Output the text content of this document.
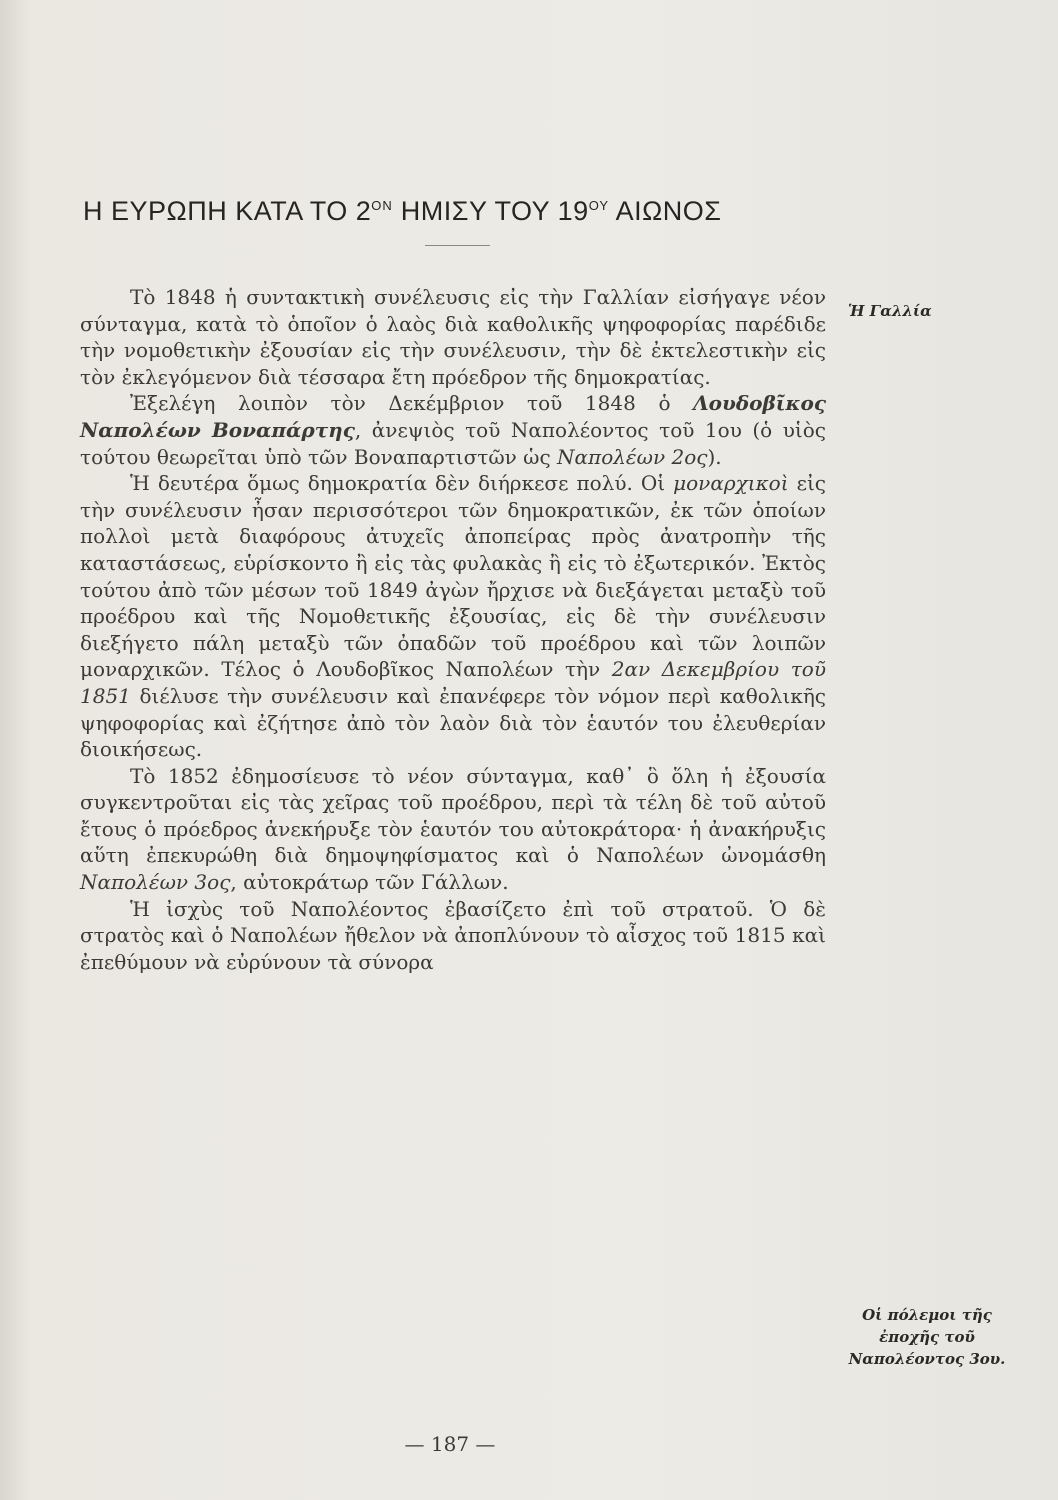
Η ΕΥΡΩΠΗ ΚΑΤΑ ΤΟ $2^{ON}$ ΗΜΙΣΥ ΤΟΥ $19^{O\Upsilon}$ ΑΙΩΝΟΣ
Ἡ Γαλλία
Οἱ πόλεμοι τῆς ἐποχῆς τοῦ Ναπολέοντος 3ου.

Τὸ 1848 ἡ συντακτικὴ συνέλευσις εἰς τὴν Γαλλίαν εἰσήγαγε νέον σύνταγμα, κατὰ τὸ ὁποῖον ὁ λαὸς διὰ καθολικῆς ψηφοφορίας παρέδιδε τὴν νομοθετικὴν ἐξουσίαν εἰς τὴν συνέλευσιν, τὴν δὲ ἐκτελεστικὴν εἰς τὸν ἐκλεγόμενον διὰ τέσσαρα ἔτη πρόεδρον τῆς δημοκρατίας.

Ἐξελέγη λοιπὸν τὸν Δεκέμβριον τοῦ 1848 ὁ Λουδοβῖκος Ναπολέων Βοναπάρτης, ἀνεψιὸς τοῦ Ναπολέοντος τοῦ 1ου (ὁ υἱὸς τούτου θεωρεῖται ὑπὸ τῶν Βοναπαρτιστῶν ὡς Ναπολέων 2ος).

Ἡ δευτέρα ὅμως δημοκρατία δὲν διήρκεσε πολύ. Οἱ μοναρχικοὶ εἰς τὴν συνέλευσιν ἦσαν περισσότεροι τῶν δημοκρατικῶν, ἐκ τῶν ὁποίων πολλοὶ μετὰ διαφόρους ἀτυχεῖς ἀποπείρας πρὸς ἀνατροπὴν τῆς καταστάσεως, εὑρίσκοντο ἢ εἰς τὰς φυλακὰς ἢ εἰς τὸ ἐξωτερικόν. Ἐκτὸς τούτου ἀπὸ τῶν μέσων τοῦ 1849 ἀγὼν ἤρχισε νὰ διεξάγεται μεταξὺ τοῦ προέδρου καὶ τῆς Νομοθετικῆς ἐξουσίας, εἰς δὲ τὴν συνέλευσιν διεξήγετο πάλη μεταξὺ τῶν ὀπαδῶν τοῦ προέδρου καὶ τῶν λοιπῶν μοναρχικῶν. Τέλος ὁ Λουδοβῖκος Ναπολέων τὴν 2αν Δεκεμβρίου τοῦ 1851 διέλυσε τὴν συνέλευσιν καὶ ἐπανέφερε τὸν νόμον περὶ καθολικῆς ψηφοφορίας καὶ ἐζήτησε ἀπὸ τὸν λαὸν διὰ τὸν ἑαυτόν του ἐλευθερίαν διοικήσεως.

Τὸ 1852 ἐδημοσίευσε τὸ νέον σύνταγμα, καθ᾽ ὃ ὅλη ἡ ἐξουσία συγκεντροῦται εἰς τὰς χεῖρας τοῦ προέδρου, περὶ τὰ τέλη δὲ τοῦ αὐτοῦ ἔτους ὁ πρόεδρος ἀνεκήρυξε τὸν ἑαυτόν του αὐτοκράτορα· ἡ ἀνακήρυξις αὕτη ἐπεκυρώθη διὰ δημοψηφίσματος καὶ ὁ Ναπολέων ὠνομάσθη Ναπολέων 3ος, αὐτοκράτωρ τῶν Γάλλων.

Ἡ ἰσχὺς τοῦ Ναπολέοντος ἐβασίζετο ἐπὶ τοῦ στρατοῦ. Ὁ δὲ στρατὸς καὶ ὁ Ναπολέων ἤθελον νὰ ἀποπλύνουν τὸ αἶσχος τοῦ 1815 καὶ ἐπεθύμουν νὰ εὐρύνουν τὰ σύνορα

— 187 —
